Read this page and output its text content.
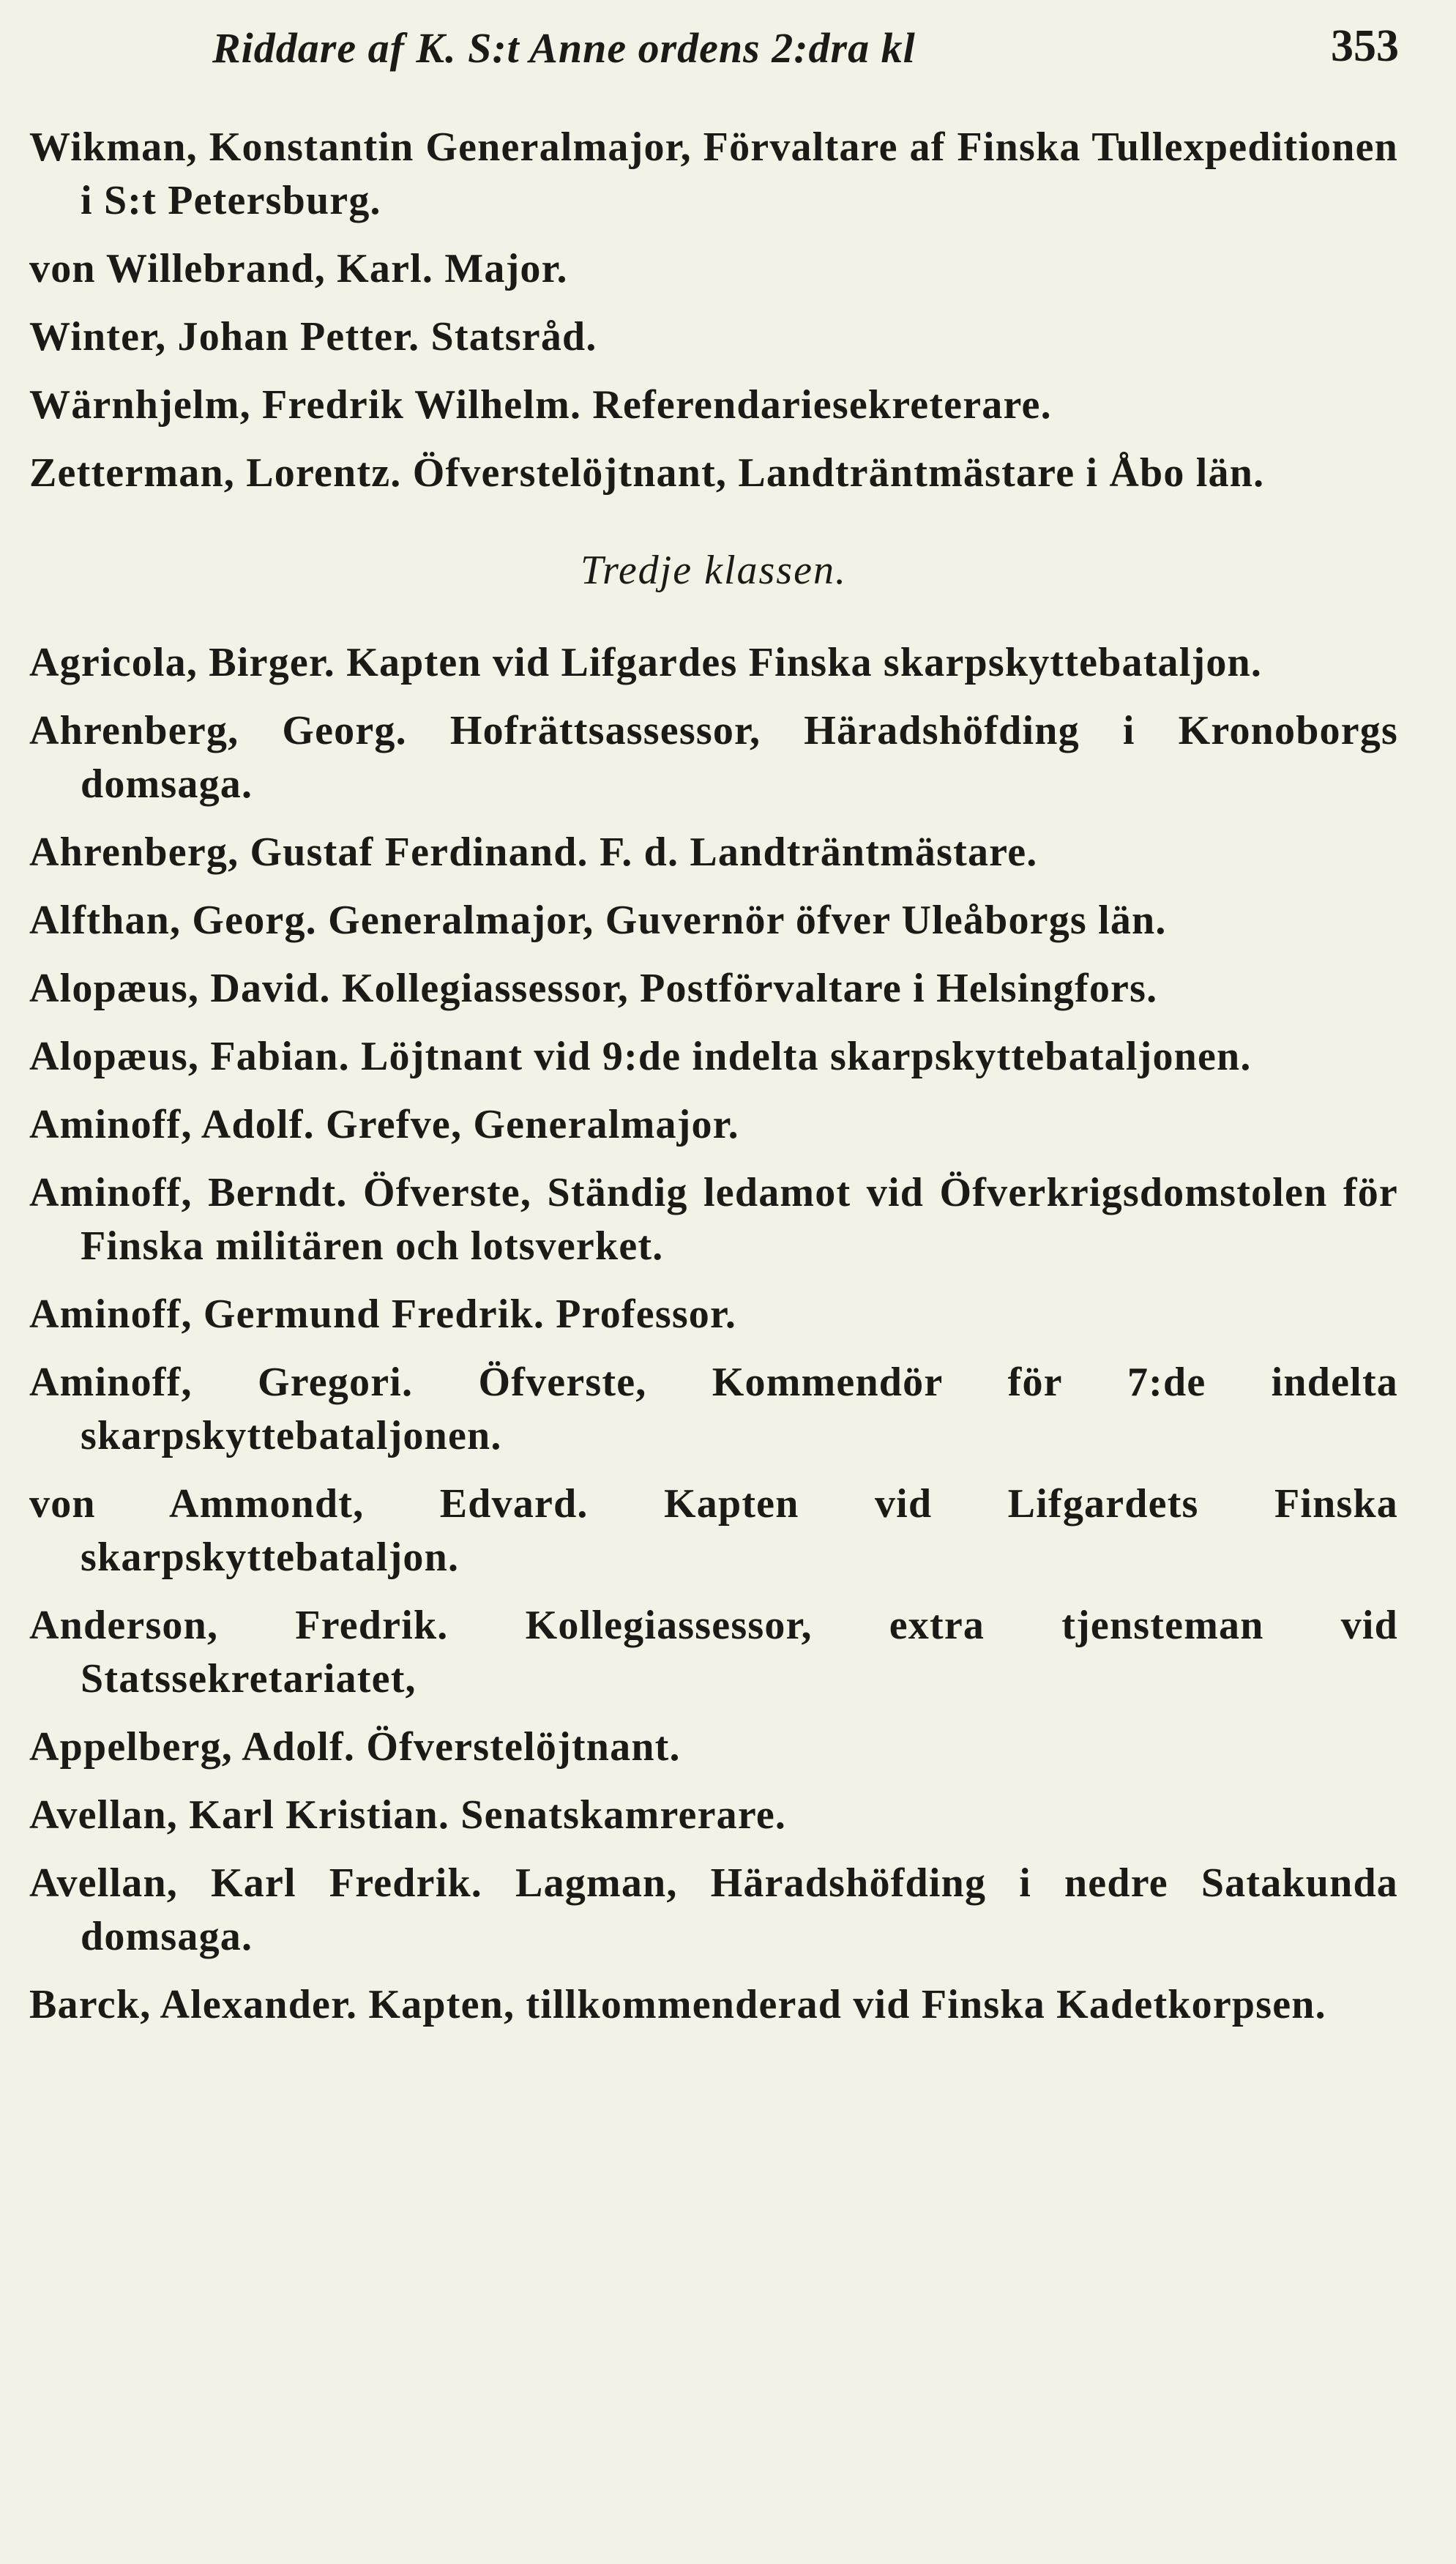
Riddare af K. S:t Anne ordens 2:dra kl	353
Wikman, Konstantin Generalmajor, Förvaltare af Finska Tullexpeditionen i S:t Petersburg.
von Willebrand, Karl. Major.
Winter, Johan Petter. Statsråd.
Wärnhjelm, Fredrik Wilhelm. Referendariesekreterare.
Zetterman, Lorentz. Öfverstelöjtnant, Landträntmästare i Åbo län.
Tredje klassen.
Agricola, Birger. Kapten vid Lifgardes Finska skarpskyttebataljon.
Ahrenberg, Georg. Hofrättsassessor, Häradshöfding i Kronoborgs domsaga.
Ahrenberg, Gustaf Ferdinand. F. d. Landträntmästare.
Alfthan, Georg. Generalmajor, Guvernör öfver Uleåborgs län.
Alopæus, David. Kollegiassessor, Postförvaltare i Helsingfors.
Alopæus, Fabian. Löjtnant vid 9:de indelta skarpskyttebataljonen.
Aminoff, Adolf. Grefve, Generalmajor.
Aminoff, Berndt. Öfverste, Ständig ledamot vid Öfverkrigsdomstolen för Finska militären och lotsverket.
Aminoff, Germund Fredrik. Professor.
Aminoff, Gregori. Öfverste, Kommendör för 7:de indelta skarpskyttebataljonen.
von Ammondt, Edvard. Kapten vid Lifgardets Finska skarpskyttebataljon.
Anderson, Fredrik. Kollegiassessor, extra tjensteman vid Statssekretariatet,
Appelberg, Adolf. Öfverstelöjtnant.
Avellan, Karl Kristian. Senatskamrerare.
Avellan, Karl Fredrik. Lagman, Häradshöfding i nedre Satakunda domsaga.
Barck, Alexander. Kapten, tillkommenderad vid Finska Kadetkorpsen.
